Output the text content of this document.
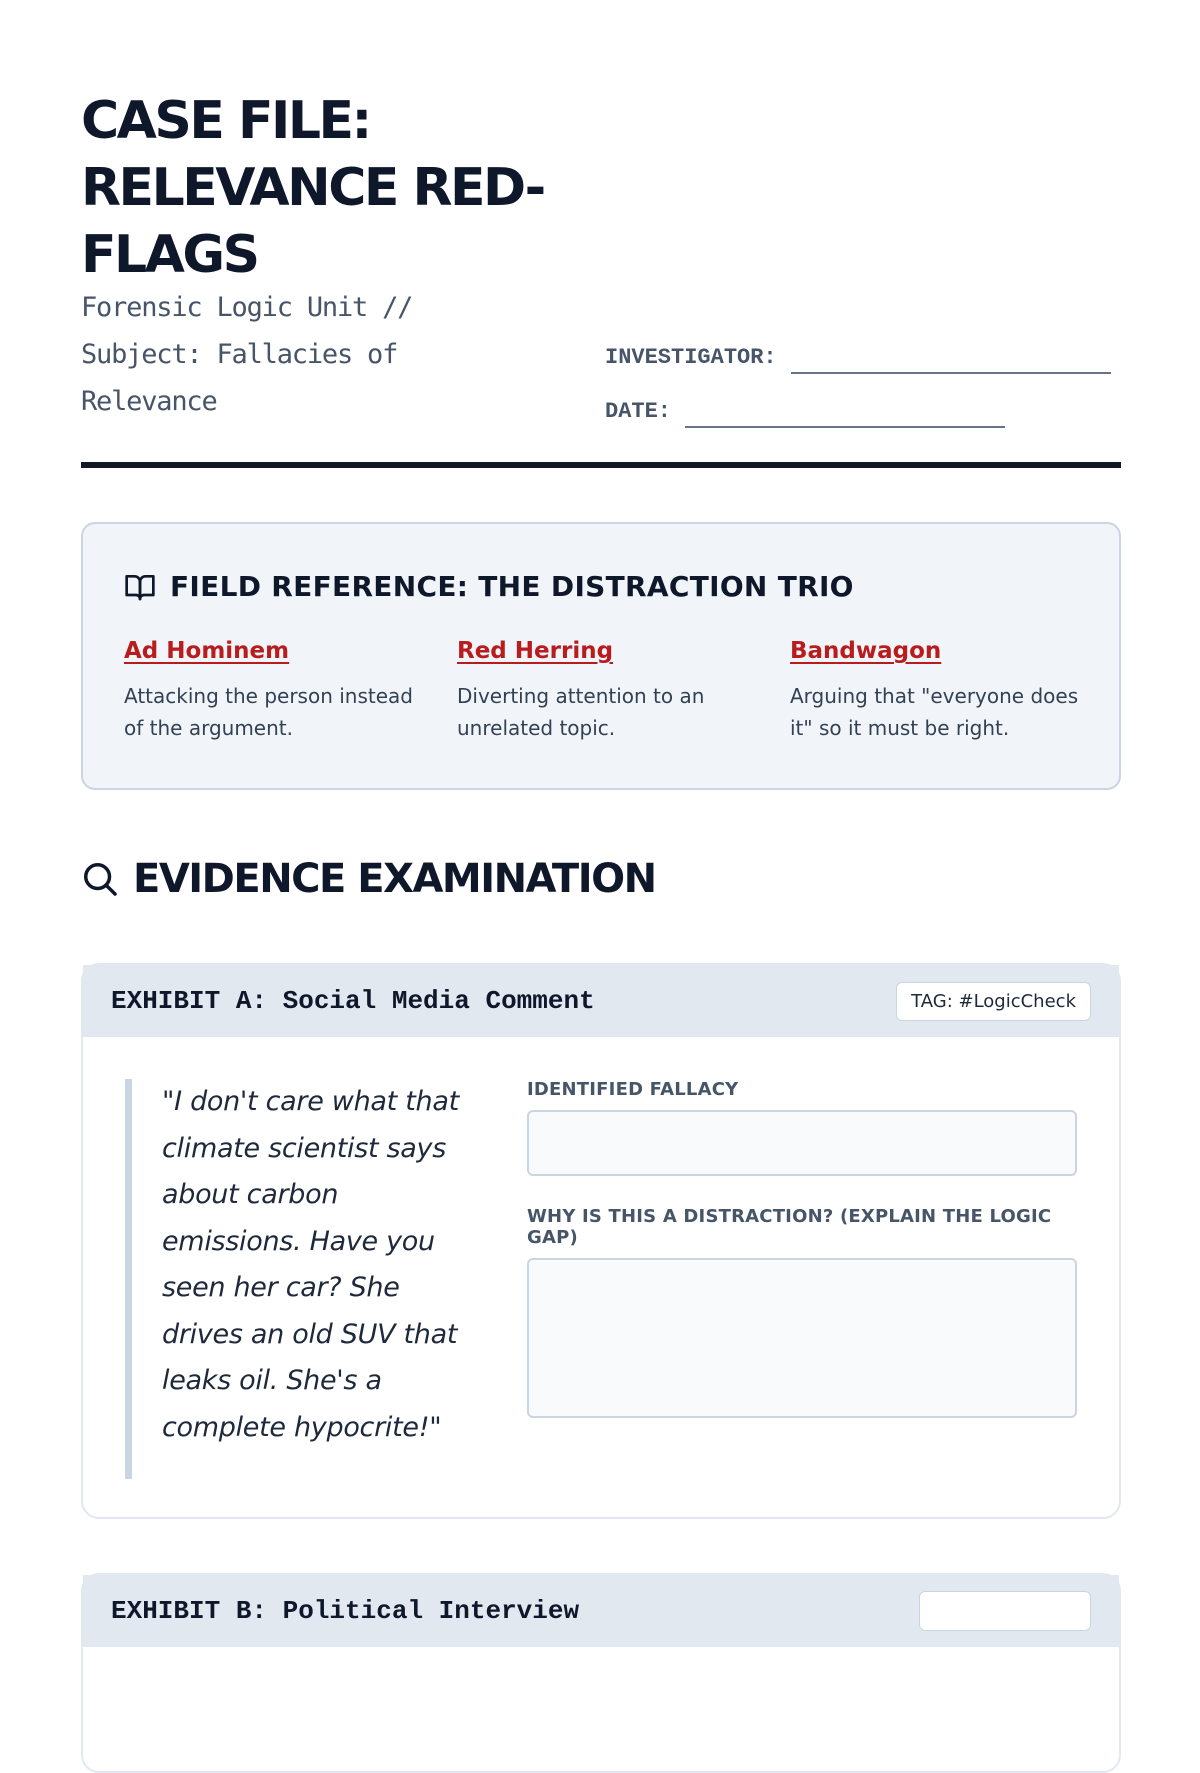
CASE FILE: RELEVANCE RED-FLAGS
Forensic Logic Unit // Subject: Fallacies of Relevance
INVESTIGATOR:
DATE:
FIELD REFERENCE: THE DISTRACTION TRIO
Ad Hominem
Attacking the person instead of the argument.
Red Herring
Diverting attention to an unrelated topic.
Bandwagon
Arguing that "everyone does it" so it must be right.
EVIDENCE EXAMINATION
EXHIBIT A: Social Media Comment	TAG: #LogicCheck
"I don't care what that climate scientist says about carbon emissions. Have you seen her car? She drives an old SUV that leaks oil. She's a complete hypocrite!"
IDENTIFIED FALLACY
WHY IS THIS A DISTRACTION? (EXPLAIN THE LOGIC GAP)
EXHIBIT B: Political Interview
